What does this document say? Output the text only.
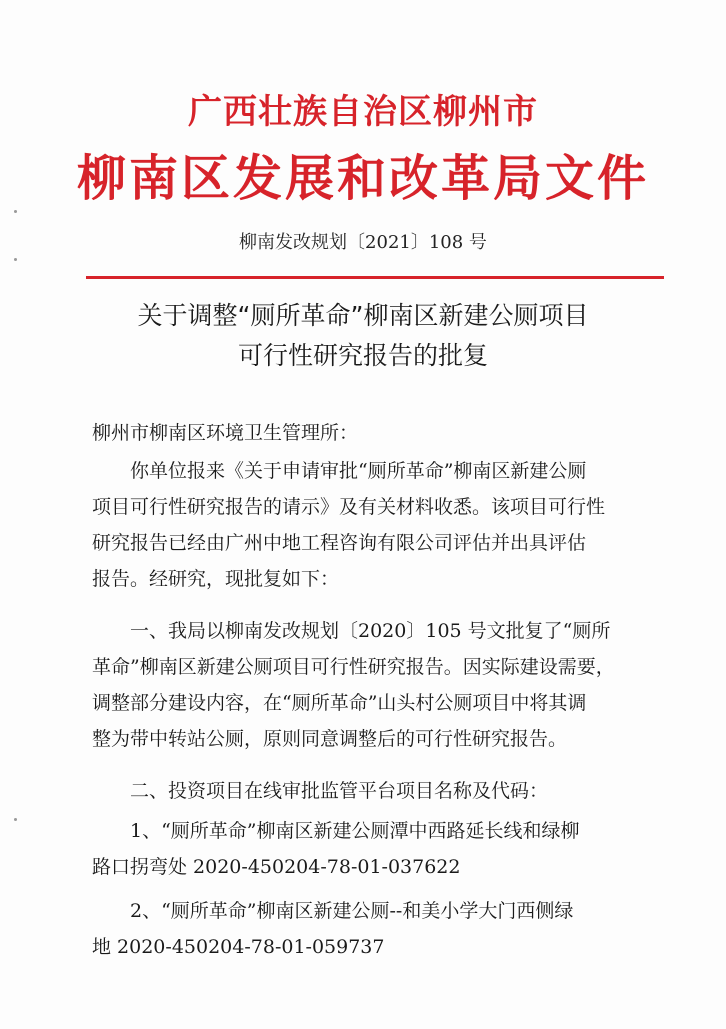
广西壮族自治区柳州市
柳南区发展和改革局文件
柳南发改规划〔2021〕108 号
关于调整“厕所革命”柳南区新建公厕项目
可行性研究报告的批复
柳州市柳南区环境卫生管理所：
你单位报来《关于申请审批“厕所革命”柳南区新建公厕
项目可行性研究报告的请示》及有关材料收悉。该项目可行性
研究报告已经由广州中地工程咨询有限公司评估并出具评估
报告。经研究，现批复如下：
一、我局以柳南发改规划〔2020〕105 号文批复了“厕所
革命”柳南区新建公厕项目可行性研究报告。因实际建设需要，
调整部分建设内容，在“厕所革命”山头村公厕项目中将其调
整为带中转站公厕，原则同意调整后的可行性研究报告。
二、投资项目在线审批监管平台项目名称及代码：
1、“厕所革命”柳南区新建公厕潭中西路延长线和绿柳
路口拐弯处 2020-450204-78-01-037622
2、“厕所革命”柳南区新建公厕--和美小学大门西侧绿
地 2020-450204-78-01-059737
